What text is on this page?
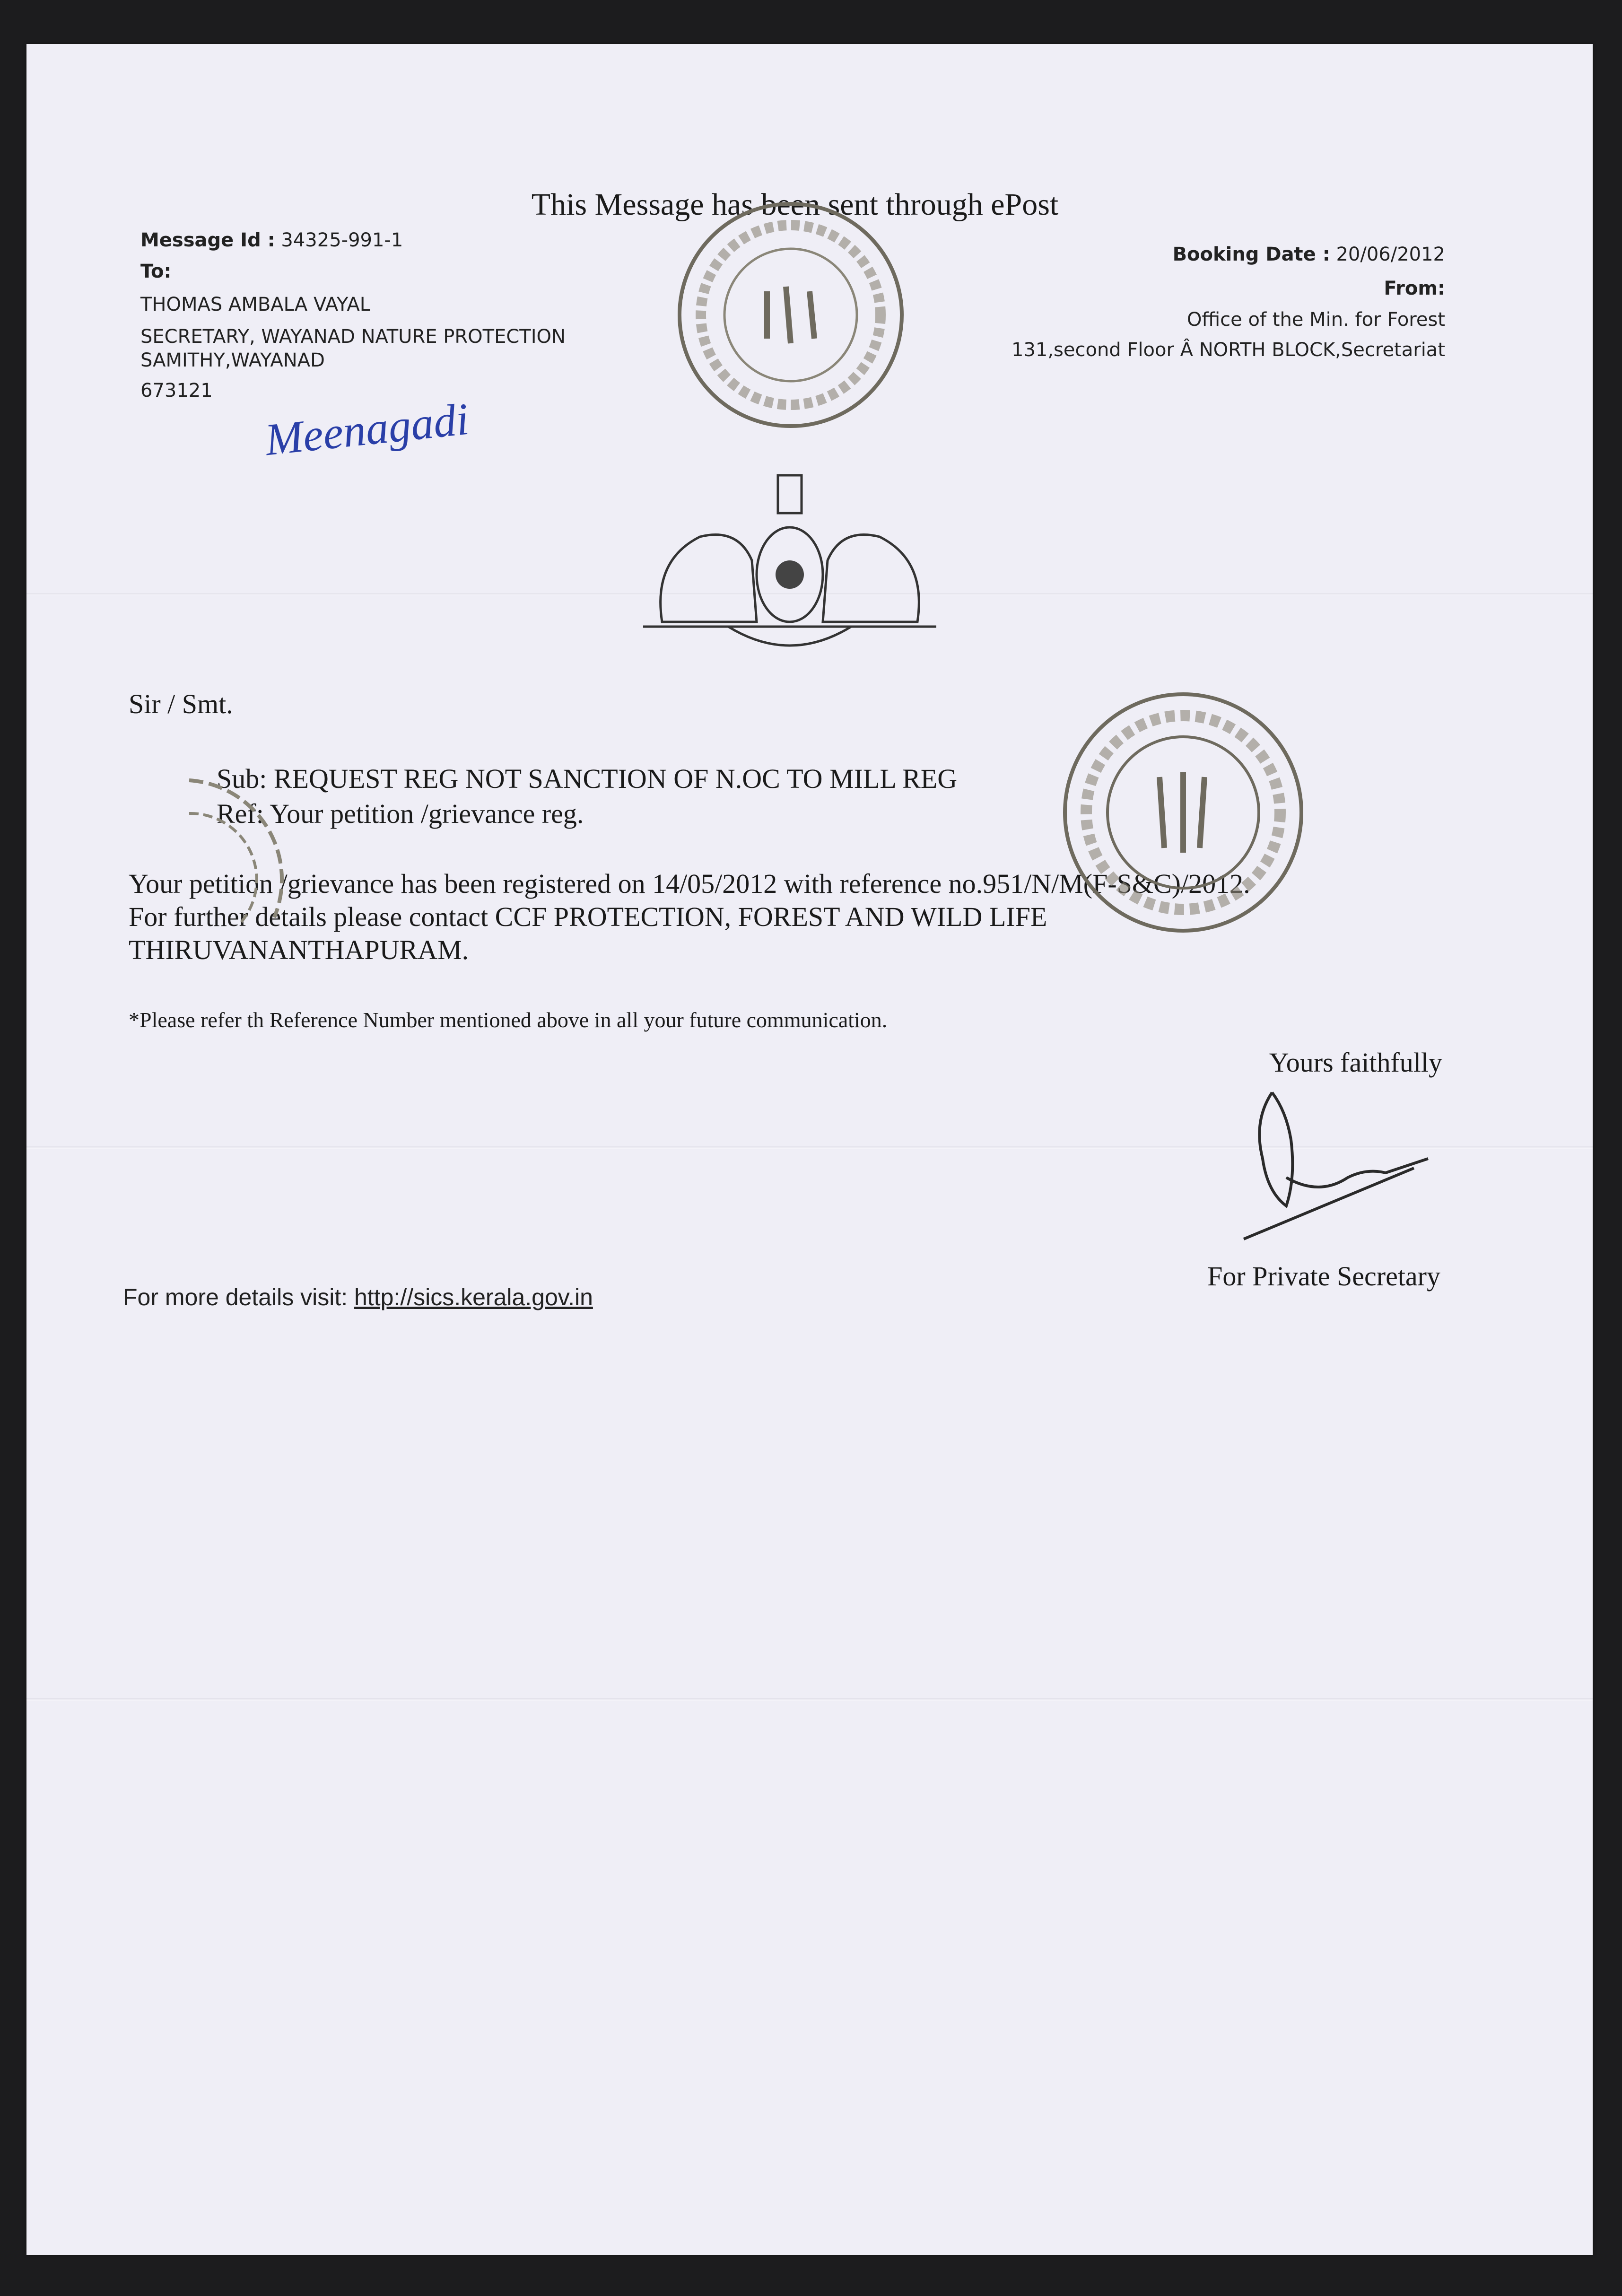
This Message has been sent through ePost
Message Id : 34325-991-1
To:
THOMAS AMBALA VAYAL
SECRETARY, WAYANAD NATURE PROTECTION
SAMITHY,WAYANAD
673121
Booking Date : 20/06/2012
From:
Office of the Min. for Forest
131,second Floor Â NORTH BLOCK,Secretariat
Meenagadi
Sir / Smt.
Sub: REQUEST REG NOT SANCTION OF N.OC TO MILL REG
Ref: Your petition /grievance reg.
Your petition /grievance has been registered on 14/05/2012 with reference no.951/N/M(F-S&C)/2012.
For further details please contact CCF PROTECTION, FOREST AND WILD LIFE
THIRUVANANTHAPURAM.
*Please refer th Reference Number mentioned above in all your future communication.
Yours faithfully
For Private Secretary
For more details visit: http://sics.kerala.gov.in
